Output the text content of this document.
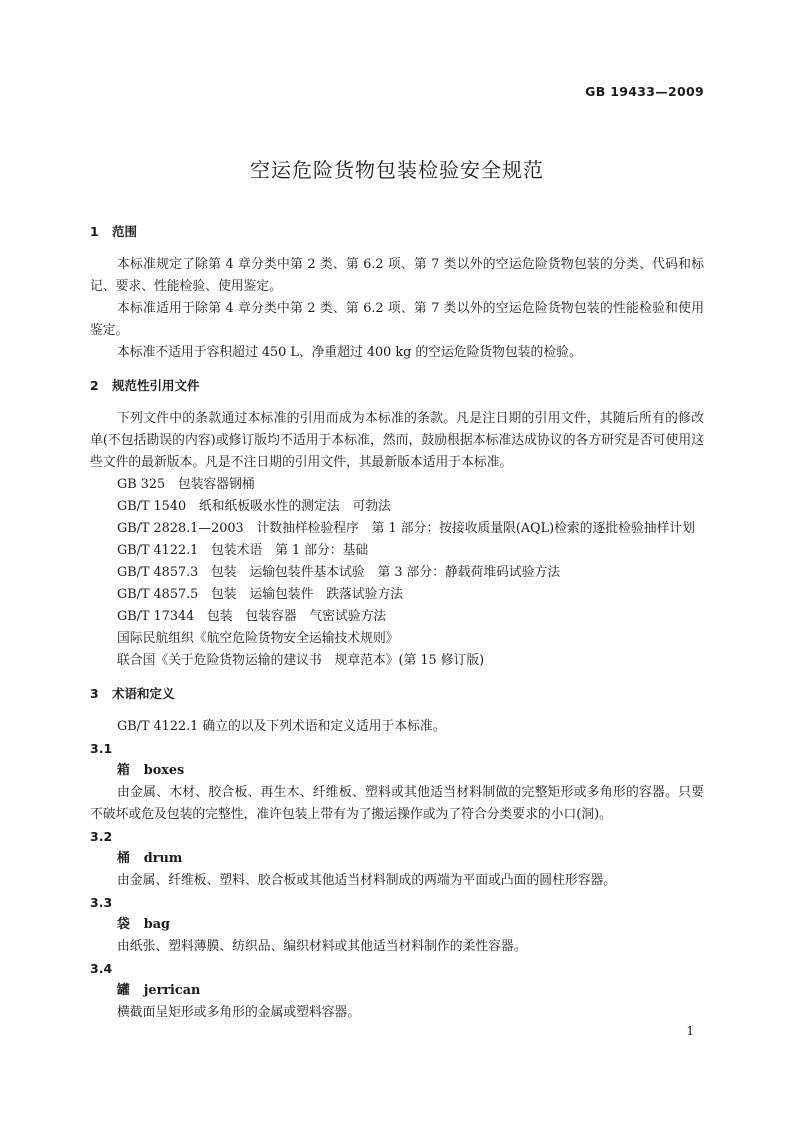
GB 19433—2009
空运危险货物包装检验安全规范

1 范围

本标准规定了除第 4 章分类中第 2 类、第 6.2 项、第 7 类以外的空运危险货物包装的分类、代码和标记、要求、性能检验、使用鉴定。

本标准适用于除第 4 章分类中第 2 类、第 6.2 项、第 7 类以外的空运危险货物包装的性能检验和使用鉴定。

本标准不适用于容积超过 450 L、净重超过 400 kg 的空运危险货物包装的检验。

2 规范性引用文件

下列文件中的条款通过本标准的引用而成为本标准的条款。凡是注日期的引用文件，其随后所有的修改单(不包括勘误的内容)或修订版均不适用于本标准，然而，鼓励根据本标准达成协议的各方研究是否可使用这些文件的最新版本。凡是不注日期的引用文件，其最新版本适用于本标准。

GB 325　包装容器钢桶

GB/T 1540　纸和纸板吸水性的测定法　可勃法

GB/T 2828.1—2003　计数抽样检验程序　第 1 部分：按接收质量限(AQL)检索的逐批检验抽样计划

GB/T 4122.1　包装术语　第 1 部分：基础

GB/T 4857.3　包装　运输包装件基本试验　第 3 部分：静载荷堆码试验方法

GB/T 4857.5　包装　运输包装件　跌落试验方法

GB/T 17344　包装　包装容器　气密试验方法

国际民航组织《航空危险货物安全运输技术规则》

联合国《关于危险货物运输的建议书　规章范本》(第 15 修订版)

3 术语和定义

GB/T 4122.1 确立的以及下列术语和定义适用于本标准。

3.1

箱 boxes

由金属、木材、胶合板、再生木、纤维板、塑料或其他适当材料制做的完整矩形或多角形的容器。只要不破坏或危及包装的完整性，准许包装上带有为了搬运操作或为了符合分类要求的小口(洞)。

3.2

桶 drum

由金属、纤维板、塑料、胶合板或其他适当材料制成的两端为平面或凸面的圆柱形容器。

3.3

袋 bag

由纸张、塑料薄膜、纺织品、编织材料或其他适当材料制作的柔性容器。

3.4

罐 jerrican

横截面呈矩形或多角形的金属或塑料容器。

1
